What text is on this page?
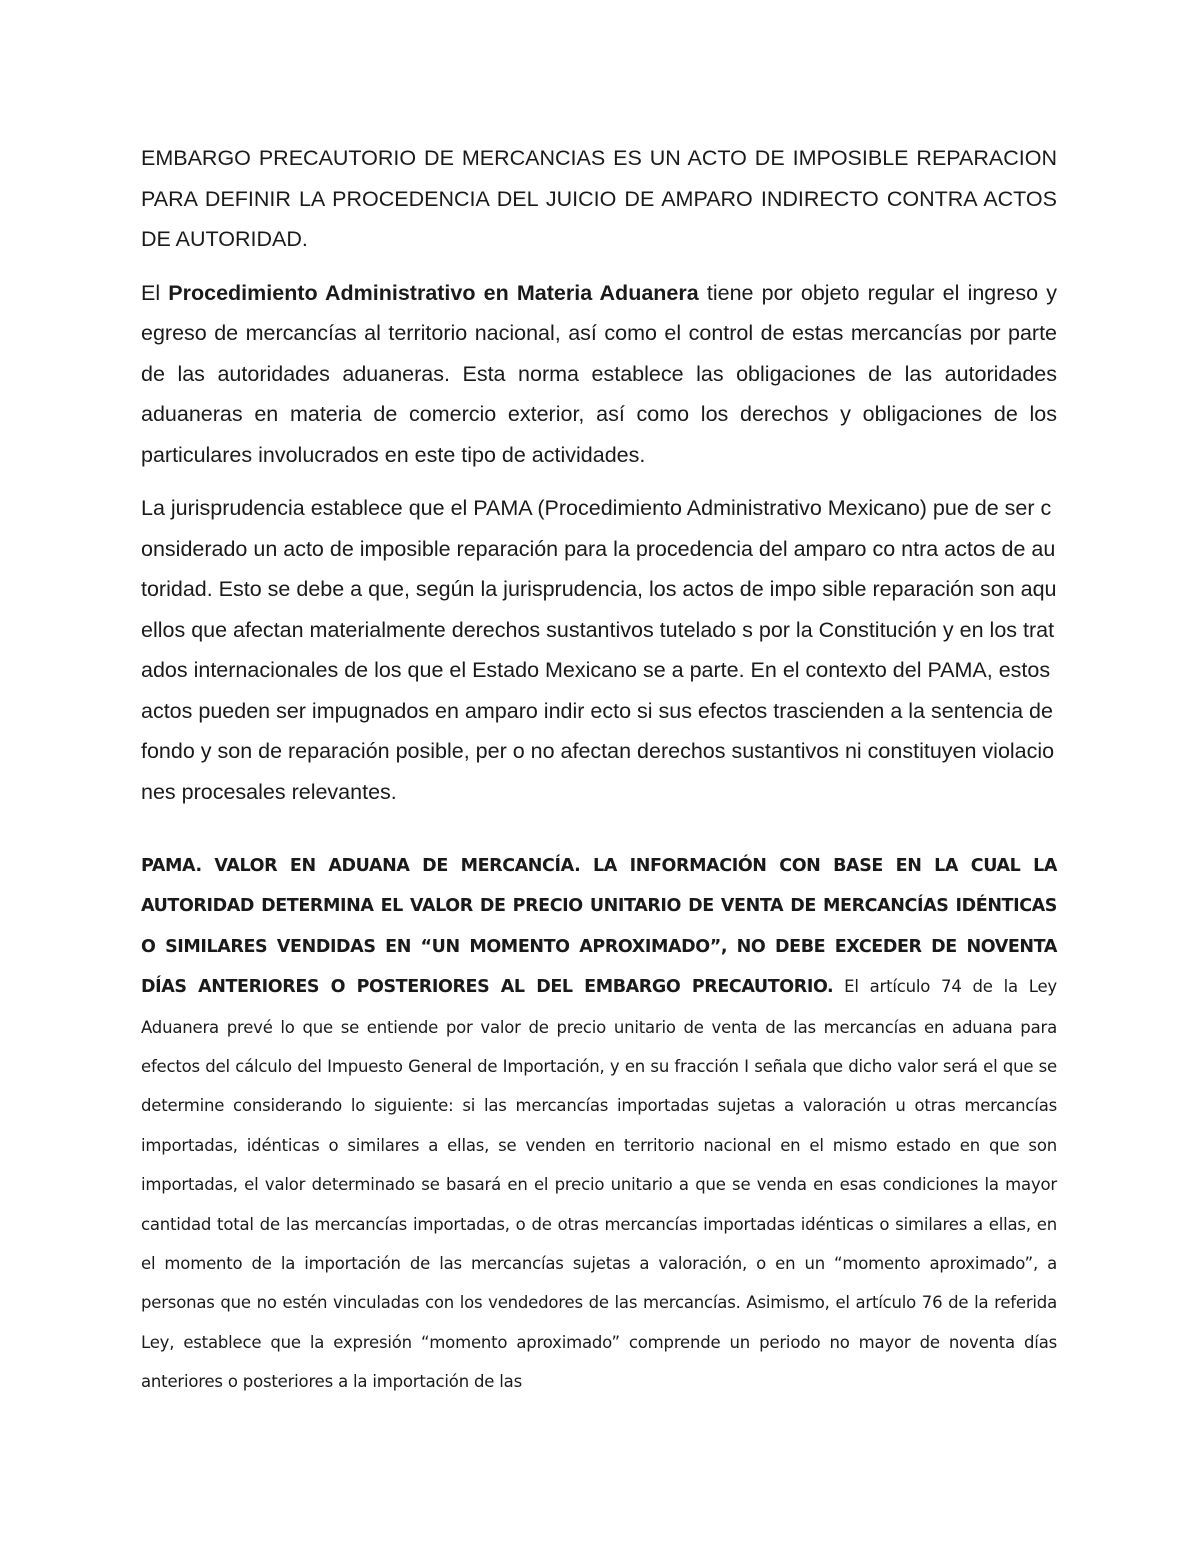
EMBARGO PRECAUTORIO DE MERCANCIAS ES UN ACTO DE IMPOSIBLE REPARACION PARA DEFINIR LA PROCEDENCIA DEL JUICIO DE AMPARO INDIRECTO CONTRA ACTOS DE AUTORIDAD.

El Procedimiento Administrativo en Materia Aduanera tiene por objeto regular el ingreso y egreso de mercancías al territorio nacional, así como el control de estas mercancías por parte de las autoridades aduaneras. Esta norma establece las obligaciones de las autoridades aduaneras en materia de comercio exterior, así como los derechos y obligaciones de los particulares involucrados en este tipo de actividades.

La jurisprudencia establece que el PAMA (Procedimiento Administrativo Mexicano) pue de ser considerado un acto de imposible reparación para la procedencia del amparo co ntra actos de autoridad. Esto se debe a que, según la jurisprudencia, los actos de impo sible reparación son aquellos que afectan materialmente derechos sustantivos tutelado s por la Constitución y en los tratados internacionales de los que el Estado Mexicano se a parte. En el contexto del PAMA, estos actos pueden ser impugnados en amparo indir ecto si sus efectos trascienden a la sentencia de fondo y son de reparación posible, per o no afectan derechos sustantivos ni constituyen violaciones procesales relevantes.

PAMA. VALOR EN ADUANA DE MERCANCÍA. LA INFORMACIÓN CON BASE EN LA CUAL LA AUTORIDAD DETERMINA EL VALOR DE PRECIO UNITARIO DE VENTA DE MERCANCÍAS IDÉNTICAS O SIMILARES VENDIDAS EN “UN MOMENTO APROXIMADO”, NO DEBE EXCEDER DE NOVENTA DÍAS ANTERIORES O POSTERIORES AL DEL EMBARGO PRECAUTORIO. El artículo 74 de la Ley Aduanera prevé lo que se entiende por valor de precio unitario de venta de las mercancías en aduana para efectos del cálculo del Impuesto General de Importación, y en su fracción I señala que dicho valor será el que se determine considerando lo siguiente: si las mercancías importadas sujetas a valoración u otras mercancías importadas, idénticas o similares a ellas, se venden en territorio nacional en el mismo estado en que son importadas, el valor determinado se basará en el precio unitario a que se venda en esas condiciones la mayor cantidad total de las mercancías importadas, o de otras mercancías importadas idénticas o similares a ellas, en el momento de la importación de las mercancías sujetas a valoración, o en un “momento aproximado”, a personas que no estén vinculadas con los vendedores de las mercancías. Asimismo, el artículo 76 de la referida Ley, establece que la expresión “momento aproximado” comprende un periodo no mayor de noventa días anteriores o posteriores a la importación de las
